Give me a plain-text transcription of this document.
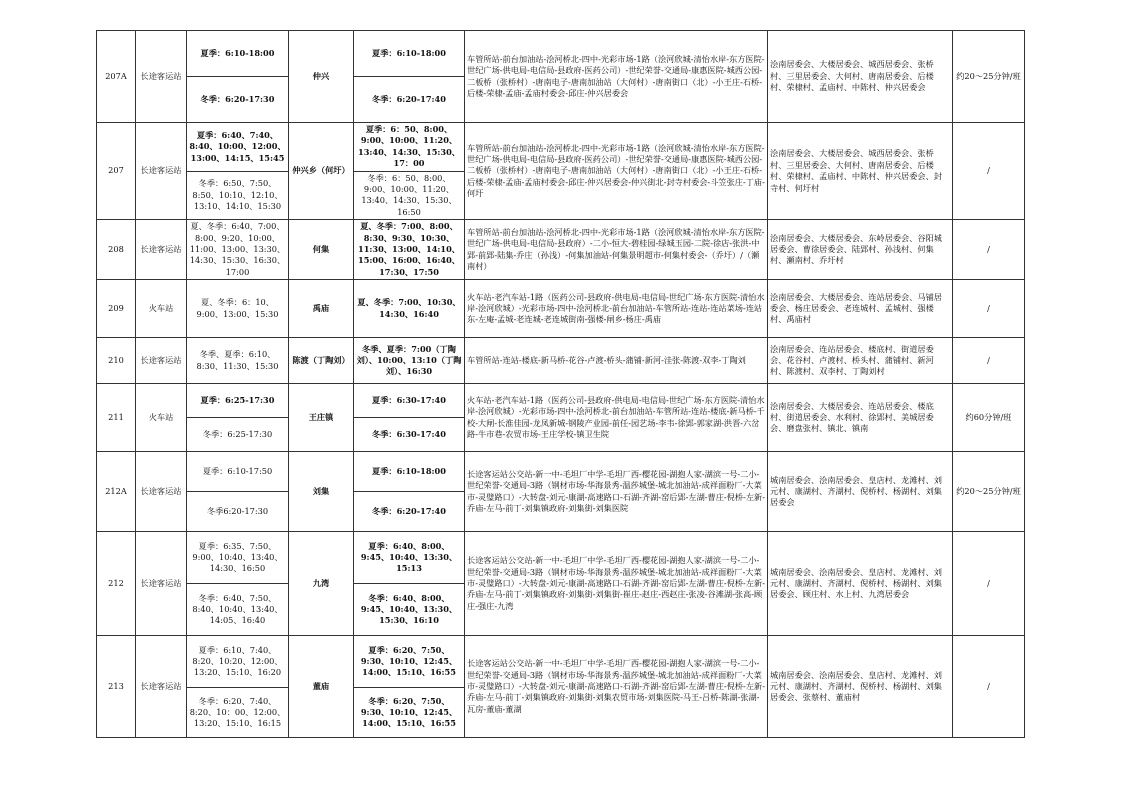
207A	长途客运站	夏季：6:10-18:00	仲兴	夏季：6:10-18:00	车管所站-前台加油站-浍河桥北-四中-光彩市场-1路（浍河欣城-清怡水岸-东方医院-世纪广场-供电局-电信局-县政府-医药公司）-世纪荣誉-交通局-康惠医院-城西公园-二板桥（张桥村）-唐南电子-唐南加油站（大何村）-唐南街口（北）-小王庄-石桥-后楼-荣棣-孟庙-孟庙村委会-邱庄-仲兴居委会	浍南居委会、大楼居委会、城西居委会、张桥村、三里居委会、大何村、唐南居委会、后楼村、荣棣村、孟庙村、中陈村、仲兴居委会	约20～25分钟/班
		冬季：6:20-17:30		冬季：6:20-17:40			
207	长途客运站	夏季：6:40、7:40、8:40、10:00、12:00、13:00、14:15、15:45	仲兴乡（何圩）	夏季：6：50、8:00、9:00、10:00、11:20、13:40、14:30、15:30、17：00	车管所站-前台加油站-浍河桥北-四中-光彩市场-1路（浍河欣城-清怡水岸-东方医院-世纪广场-供电局-电信局-县政府-医药公司）-世纪荣誉-交通局-康惠医院-城西公园-二板桥（张桥村）-唐南电子-唐南加油站（大何村）-唐南街口（北）-小王庄-石桥-后楼-荣棣-孟庙-孟庙村委会-邱庄-仲兴居委会-仲兴街北-封寺村委会-斗笠张庄-丁庙-何圩	浍南居委会、大楼居委会、城西居委会、张桥村、三里居委会、大何村、唐南居委会、后楼村、荣棣村、孟庙村、中陈村、仲兴居委会、封寺村、何圩村	/
		冬季：6:50、7:50、8:50、10:10、12:10、13:10、14:10、15:30		冬季：6：50、8:00、9:00、10:00、11:20、13:40、14:30、15:30、16:50			
208	长途客运站	夏、冬季：6:40、7:00、8:00、9:20、10:00、11:00、13:00、13:30、14:30、15:30、16:30、17:00	何集	夏、冬季：7:00、8:00、8:30、9:30、10:30、11:30、13:00、14:10、15:00、16:00、16:40、17:30、17:50	车管所站-前台加油站-浍河桥北-四中-光彩市场-1路（浍河欣城-清怡水岸-东方医院-世纪广场-供电局-电信局-县政府）-二小-恒大-碧桂园-绿城玉园-二院-徐店-张洪-中郢-前郢-陆集-乔庄（孙浅）-何集加油站-何集景明超市-何集村委会-（乔圩）/（瀬南村）	浍南居委会、大楼居委会、东岭居委会、谷阳城居委会、曹徐居委会、陆郢村、孙浅村、何集村、瀬南村、乔圩村	/
209	火车站	夏、冬季：6：10、9:00、13:00、15:30	禹庙	夏、冬季：7:00、10:30、14:30、16:40	火车站-老汽车站-1路（医药公司-县政府-供电局-电信局-世纪广场-东方医院-清怡水岸-浍河欣城）-光彩市场-四中-浍河桥北-前台加油站-车管所站-连站-连站菜场-连站东-左庵-孟城-老连城-老连城街南-强楼-闸乡-杨庄-禹庙	浍南居委会、大楼居委会、连站居委会、马铺居委会、杨庄居委会、老连城村、孟城村、强楼村、禹庙村	/
210	长途客运站	冬季、夏季：6:10、8:30、11:30、15:30	陈渡（丁陶刘）	冬季、夏季：7:00（丁陶刘）、10:00、13:10（丁陶刘）、16:30	车管所站-连站-楼底-新马桥-花谷-卢渡-桥头-蒲铺-新河-洼张-陈渡-双李-丁陶刘	浍南居委会、连站居委会、楼底村、街道居委会、花谷村、卢渡村、桥头村、蒲铺村、新河村、陈渡村、双李村、丁陶刘村	/
211	火车站	夏季：6:25-17:30	王庄镇	夏季：6:30-17:40	火车站-老汽车站-1路（医药公司-县政府-供电局-电信局-世纪广场-东方医院-清怡水岸-浍河欣城）-光彩市场-四中-浍河桥北-前台加油站-车管所站-连站-楼底-新马桥-千校-大闸-长淮佳园-龙凤新城-钢陵产业园-前任-园艺场-李韦-徐郢-郭家湖-洪晋-六岔路-牛市巷-农贸市场-王庄学校-镇卫生院	浍南居委会、大楼居委会、连站居委会、楼底村、街道居委会、水利村、徐郢村、美城居委会、磨盘张村、镇北、镇南	约60分钟/班
		冬季：6:25-17:30		冬季：6:30-17:40			
212A	长途客运站	夏季：6:10-17:50	刘集	夏季：6:10-18:00	长途客运站公交站-新一中-毛坦厂中学-毛坦厂西-樱花园-湖抱人家-湖滨一号-二小-世纪荣誉-交通局-3路（钢材市场-华海景秀-温莎城堡-城北加油站-成祥面粉厂-大菜市-灵璧路口）-大转盘-刘元-康湖-高速路口-石湖-齐湖-窑后郢-左湖-曹庄-倪桥-左新-乔庙-左马-前丁-刘集镇政府-刘集街-刘集医院	城南居委会、浍南居委会、皇店村、龙滩村、刘元村、康湖村、齐湖村、倪桥村、杨湖村、刘集居委会	约20～25分钟/班
		冬季6:20-17:30		冬季：6:20-17:40			
212	长途客运站	夏季：6:35、7:50、9:00、10:40、13:40、14:30、16:50	九湾	夏季：6:40、8:00、9:45、10:40、13:30、15:13	长途客运站公交站-新一中-毛坦厂中学-毛坦厂西-樱花园-湖抱人家-湖滨一号-二小-世纪荣誉-交通局-3路（钢材市场-华海景秀-温莎城堡-城北加油站-成祥面粉厂-大菜市-灵璧路口）-大转盘-刘元-康湖-高速路口-石湖-齐湖-窑后郢-左湖-曹庄-倪桥-左新-乔庙-左马-前丁-刘集镇政府-刘集街-刘集街-崔庄-赵庄-西赵庄-张凌-谷滩湖-张高-顾庄-强庄-九湾	城南居委会、浍南居委会、皇店村、龙滩村、刘元村、康湖村、齐湖村、倪桥村、杨湖村、刘集居委会、顾庄村、水上村、九湾居委会	/
		冬季：6:40、7:50、8:40、10:40、13:40、14:05、16:40		冬季：6:40、8:00、9:45、10:40、13:30、15:30、16:10			
213	长途客运站	夏季：6:10、7:40、8:20、10:20、12:00、13:20、15:10、16:20	董庙	夏季：6:20、7:50、9:30、10:10、12:45、14:00、15:10、16:55	长途客运站公交站-新一中-毛坦厂中学-毛坦厂西-樱花园-湖抱人家-湖滨一号-二小-世纪荣誉-交通局-3路（钢材市场-华海景秀-温莎城堡-城北加油站-成祥面粉厂-大菜市-灵璧路口）-大转盘-刘元-康湖-高速路口-石湖-齐湖-窑后郢-左湖-曹庄-倪桥-左新-乔庙-左马-前丁-刘集镇政府-刘集街-刘集农贸市场-刘集医院-马王-吕桥-陈湖-张湖-瓦房-董庙-董湖	城南居委会、浍南居委会、皇店村、龙滩村、刘元村、康湖村、齐湖村、倪桥村、杨湖村、刘集居委会、张蔡村、董庙村	/
		冬季：6:20、7:40、8:20、10：00、12:00、13:20、15:10、16:15		冬季：6:20、7:50、9:30、10:10、12:45、14:00、15:10、16:55			
